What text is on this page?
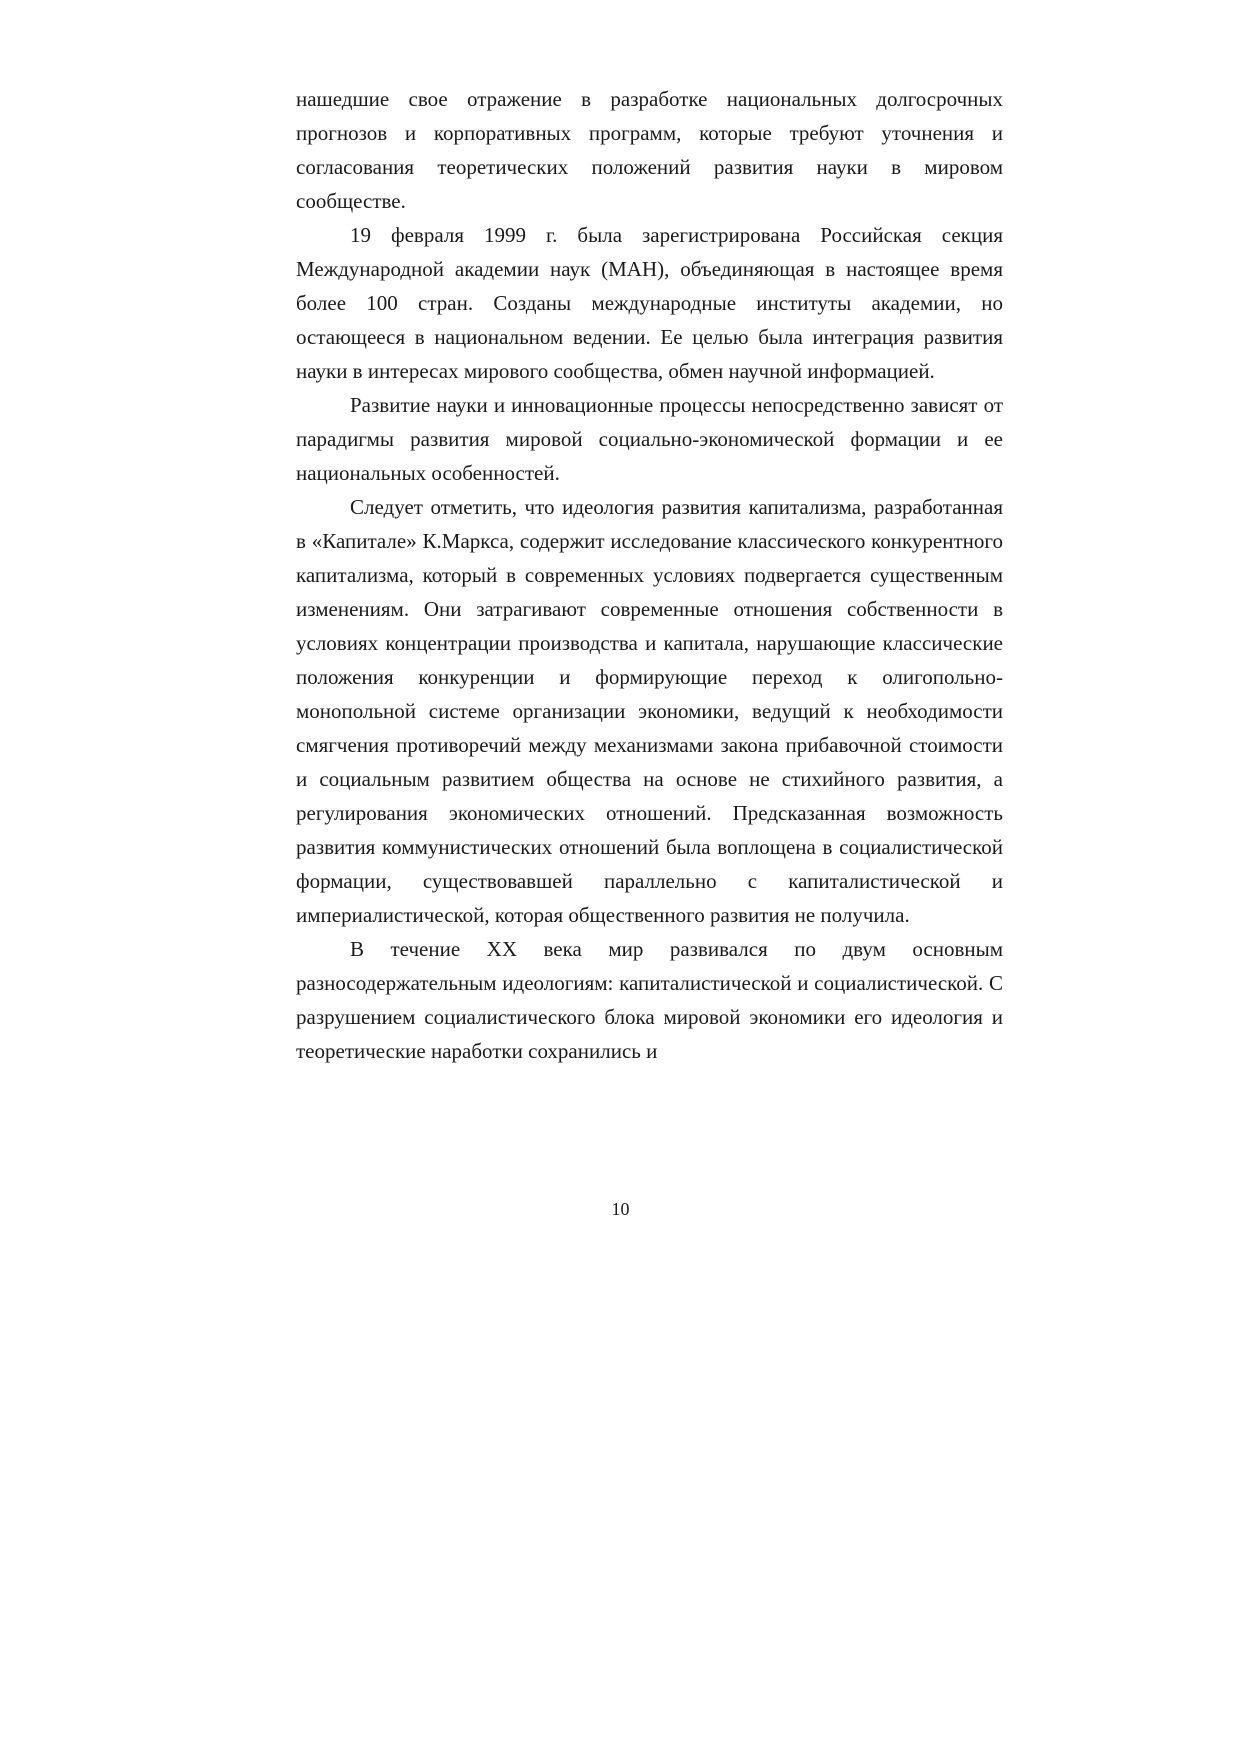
нашедшие свое отражение в разработке национальных долгосрочных прогнозов и корпоративных программ, которые требуют уточнения и согласования теоретических положений развития науки в мировом сообществе.

19 февраля 1999 г. была зарегистрирована Российская секция Международной академии наук (МАН), объединяющая в настоящее время более 100 стран. Созданы международные институты академии, но остающееся в национальном ведении. Ее целью была интеграция развития науки в интересах мирового сообщества, обмен научной информацией.

Развитие науки и инновационные процессы непосредственно зависят от парадигмы развития мировой социально-экономической формации и ее национальных особенностей.

Следует отметить, что идеология развития капитализма, разработанная в «Капитале» К.Маркса, содержит исследование классического конкурентного капитализма, который в современных условиях подвергается существенным изменениям. Они затрагивают современные отношения собственности в условиях концентрации производства и капитала, нарушающие классические положения конкуренции и формирующие переход к олигопольно-монопольной системе организации экономики, ведущий к необходимости смягчения противоречий между механизмами закона прибавочной стоимости и социальным развитием общества на основе не стихийного развития, а регулирования экономических отношений. Предсказанная возможность развития коммунистических отношений была воплощена в социалистической формации, существовавшей параллельно с капиталистической и империалистической, которая общественного развития не получила.

В течение XX века мир развивался по двум основным разносодержательным идеологиям: капиталистической и социалистической. С разрушением социалистического блока мировой экономики его идеология и теоретические наработки сохранились и

10
